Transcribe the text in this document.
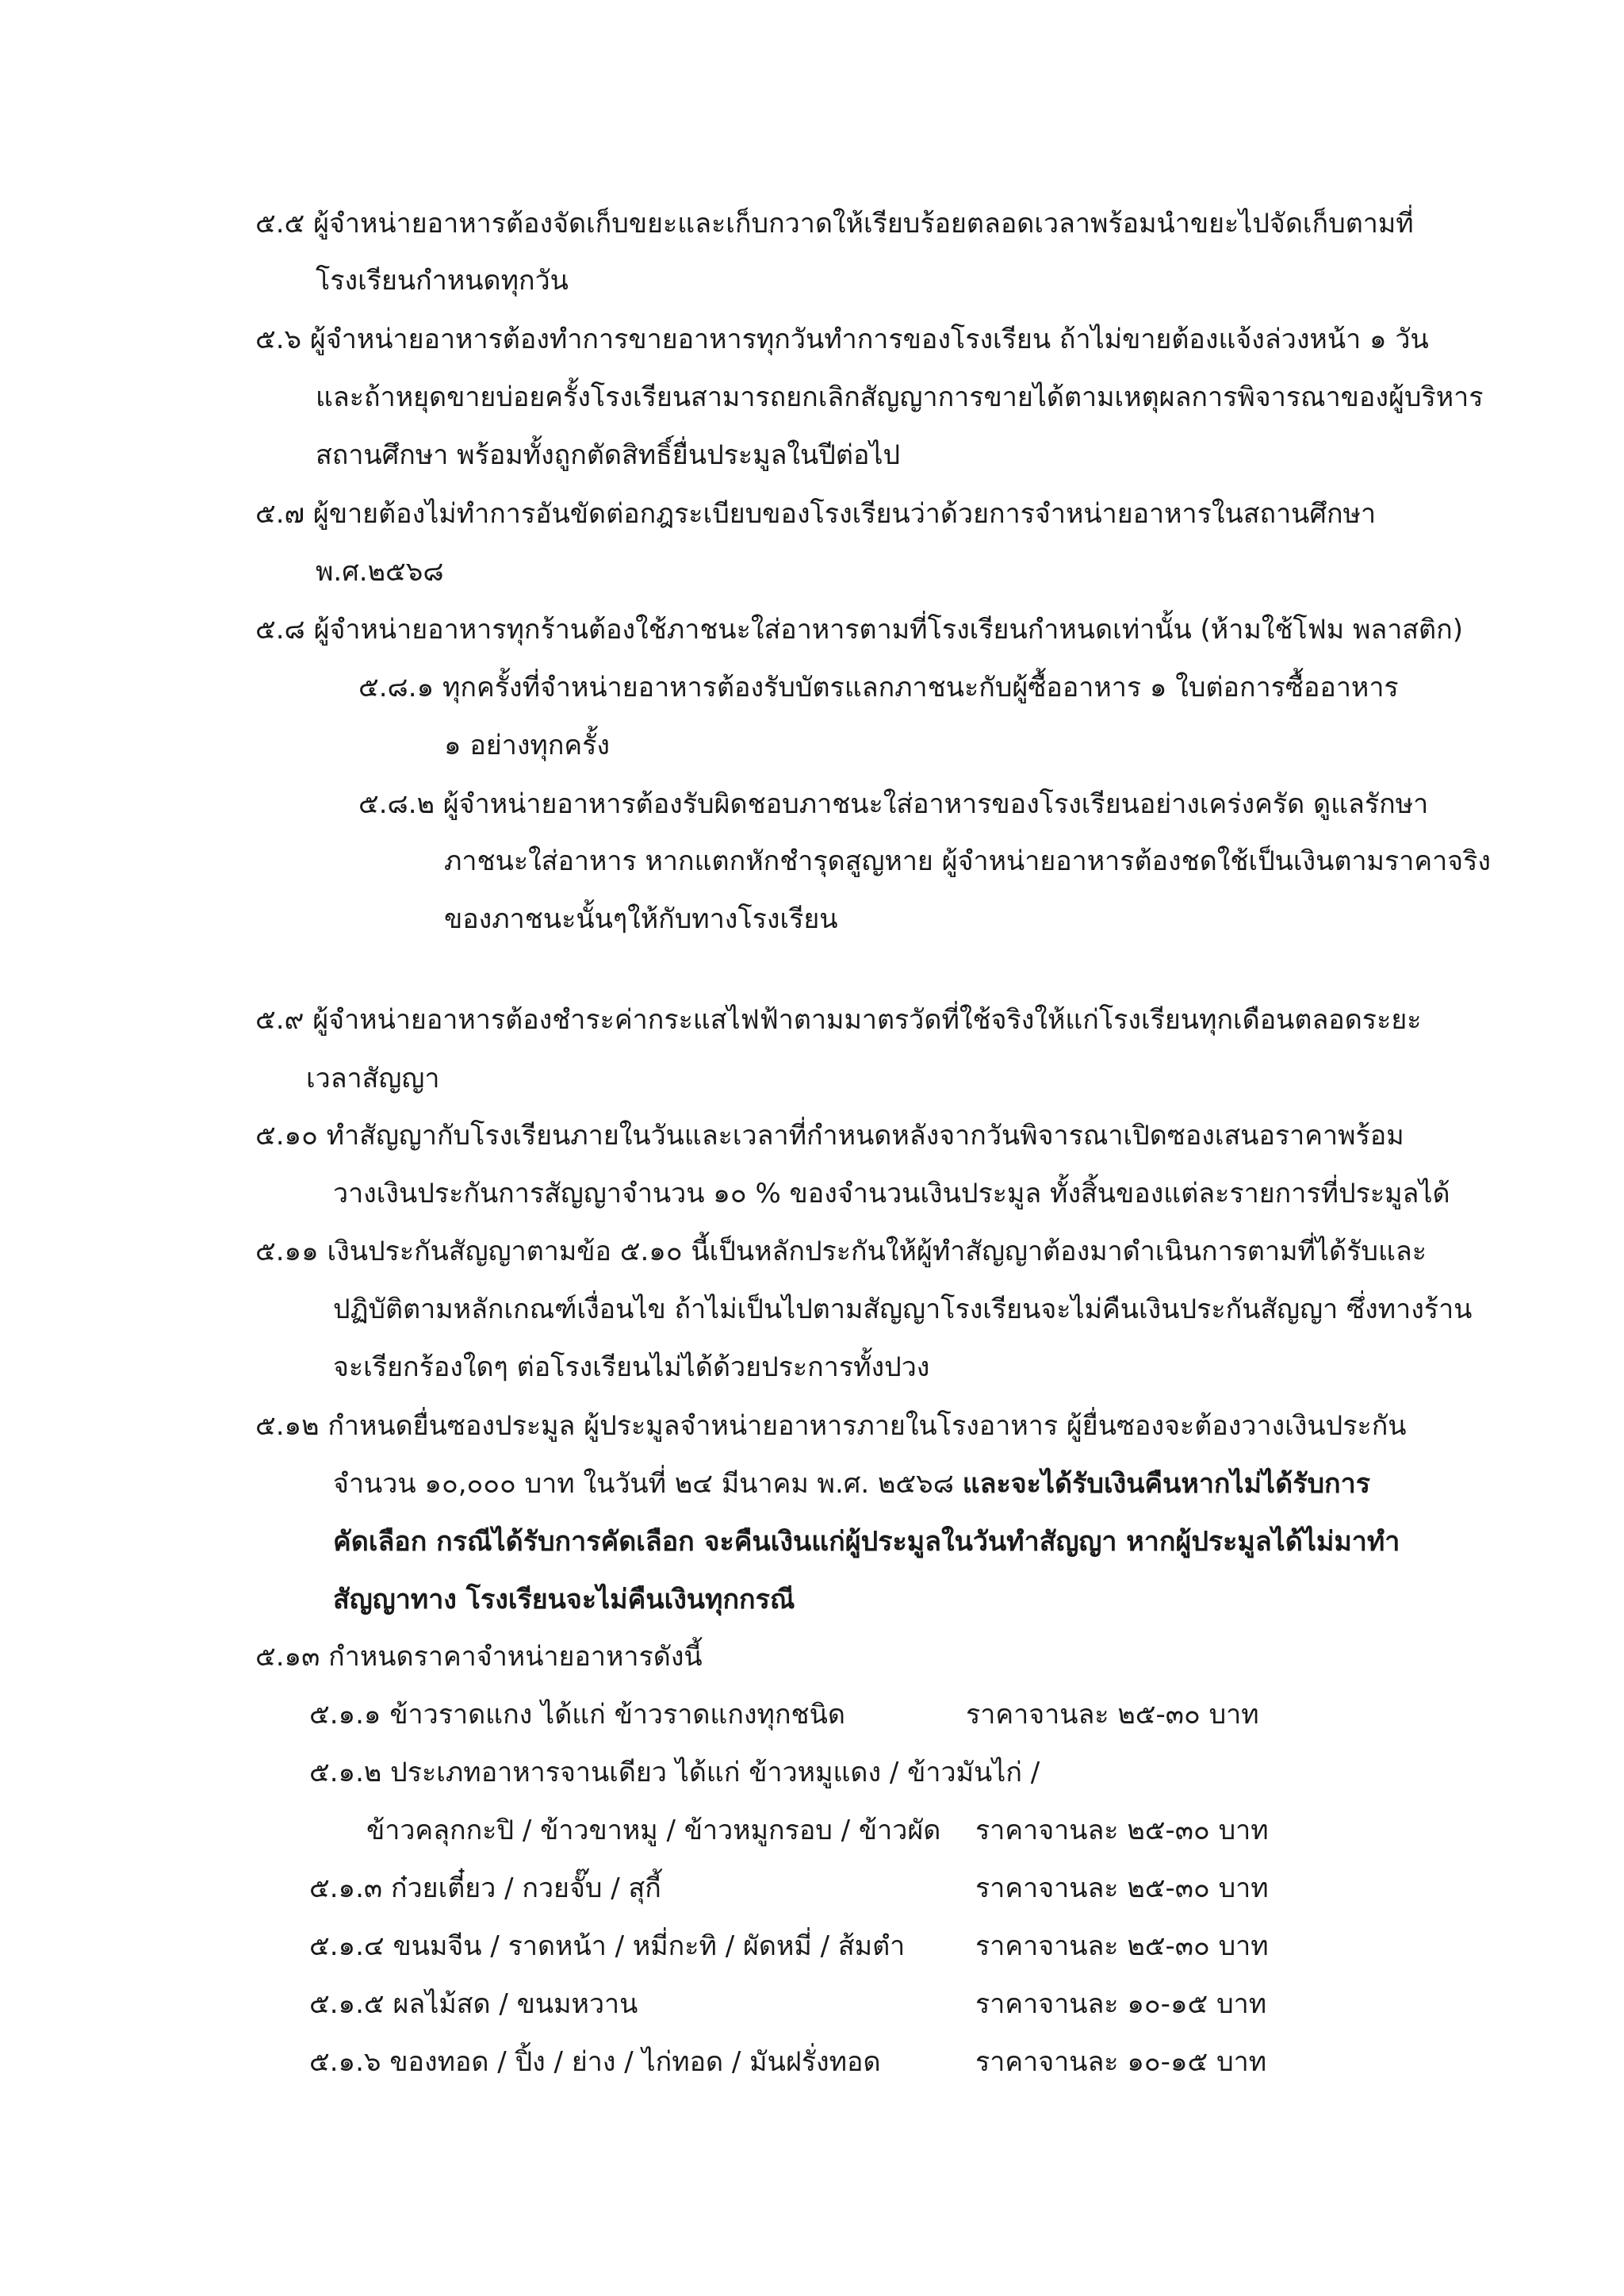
๕.๕ ผู้จำหน่ายอาหารต้องจัดเก็บขยะและเก็บกวาดให้เรียบร้อยตลอดเวลาพร้อมนำขยะไปจัดเก็บตามที่
โรงเรียนกำหนดทุกวัน
๕.๖ ผู้จำหน่ายอาหารต้องทำการขายอาหารทุกวันทำการของโรงเรียน ถ้าไม่ขายต้องแจ้งล่วงหน้า ๑ วัน
และถ้าหยุดขายบ่อยครั้งโรงเรียนสามารถยกเลิกสัญญาการขายได้ตามเหตุผลการพิจารณาของผู้บริหาร
สถานศึกษา พร้อมทั้งถูกตัดสิทธิ์ยื่นประมูลในปีต่อไป
๕.๗ ผู้ขายต้องไม่ทำการอันขัดต่อกฎระเบียบของโรงเรียนว่าด้วยการจำหน่ายอาหารในสถานศึกษา
พ.ศ.๒๕๖๘
๕.๘ ผู้จำหน่ายอาหารทุกร้านต้องใช้ภาชนะใส่อาหารตามที่โรงเรียนกำหนดเท่านั้น (ห้ามใช้โฟม พลาสติก)
๕.๘.๑ ทุกครั้งที่จำหน่ายอาหารต้องรับบัตรแลกภาชนะกับผู้ซื้ออาหาร ๑ ใบต่อการซื้ออาหาร
๑ อย่างทุกครั้ง
๕.๘.๒ ผู้จำหน่ายอาหารต้องรับผิดชอบภาชนะใส่อาหารของโรงเรียนอย่างเคร่งครัด ดูแลรักษา
ภาชนะใส่อาหาร หากแตกหักชำรุดสูญหาย ผู้จำหน่ายอาหารต้องชดใช้เป็นเงินตามราคาจริง
ของภาชนะนั้นๆให้กับทางโรงเรียน
๕.๙ ผู้จำหน่ายอาหารต้องชำระค่ากระแสไฟฟ้าตามมาตรวัดที่ใช้จริงให้แก่โรงเรียนทุกเดือนตลอดระยะ
เวลาสัญญา
๕.๑๐ ทำสัญญากับโรงเรียนภายในวันและเวลาที่กำหนดหลังจากวันพิจารณาเปิดซองเสนอราคาพร้อม
วางเงินประกันการสัญญาจำนวน ๑๐ % ของจำนวนเงินประมูล ทั้งสิ้นของแต่ละรายการที่ประมูลได้
๕.๑๑ เงินประกันสัญญาตามข้อ ๕.๑๐ นี้เป็นหลักประกันให้ผู้ทำสัญญาต้องมาดำเนินการตามที่ได้รับและ
ปฏิบัติตามหลักเกณฑ์เงื่อนไข ถ้าไม่เป็นไปตามสัญญาโรงเรียนจะไม่คืนเงินประกันสัญญา ซึ่งทางร้าน
จะเรียกร้องใดๆ ต่อโรงเรียนไม่ได้ด้วยประการทั้งปวง
๕.๑๒ กำหนดยื่นซองประมูล ผู้ประมูลจำหน่ายอาหารภายในโรงอาหาร ผู้ยื่นซองจะต้องวางเงินประกัน
จำนวน ๑๐,๐๐๐ บาท ในวันที่ ๒๔ มีนาคม พ.ศ. ๒๕๖๘ และจะได้รับเงินคืนหากไม่ได้รับการ
คัดเลือก กรณีได้รับการคัดเลือก จะคืนเงินแก่ผู้ประมูลในวันทำสัญญา หากผู้ประมูลได้ไม่มาทำ
สัญญาทาง โรงเรียนจะไม่คืนเงินทุกกรณี
๕.๑๓ กำหนดราคาจำหน่ายอาหารดังนี้
๕.๑.๑ ข้าวราดแกง ได้แก่ ข้าวราดแกงทุกชนิด	ราคาจานละ ๒๕-๓๐ บาท
๕.๑.๒ ประเภทอาหารจานเดียว ได้แก่ ข้าวหมูแดง / ข้าวมันไก่ /
ข้าวคลุกกะปิ / ข้าวขาหมู / ข้าวหมูกรอบ / ข้าวผัด ราคาจานละ ๒๕-๓๐ บาท
๕.๑.๓ ก๋วยเตี๋ยว / กวยจั๊บ / สุกี้	ราคาจานละ ๒๕-๓๐ บาท
๕.๑.๔ ขนมจีน / ราดหน้า / หมี่กะทิ / ผัดหมี่ / ส้มตำ	ราคาจานละ ๒๕-๓๐ บาท
๕.๑.๕ ผลไม้สด / ขนมหวาน	ราคาจานละ ๑๐-๑๕ บาท
๕.๑.๖ ของทอด / ปิ้ง / ย่าง / ไก่ทอด / มันฝรั่งทอด	ราคาจานละ ๑๐-๑๕ บาท
